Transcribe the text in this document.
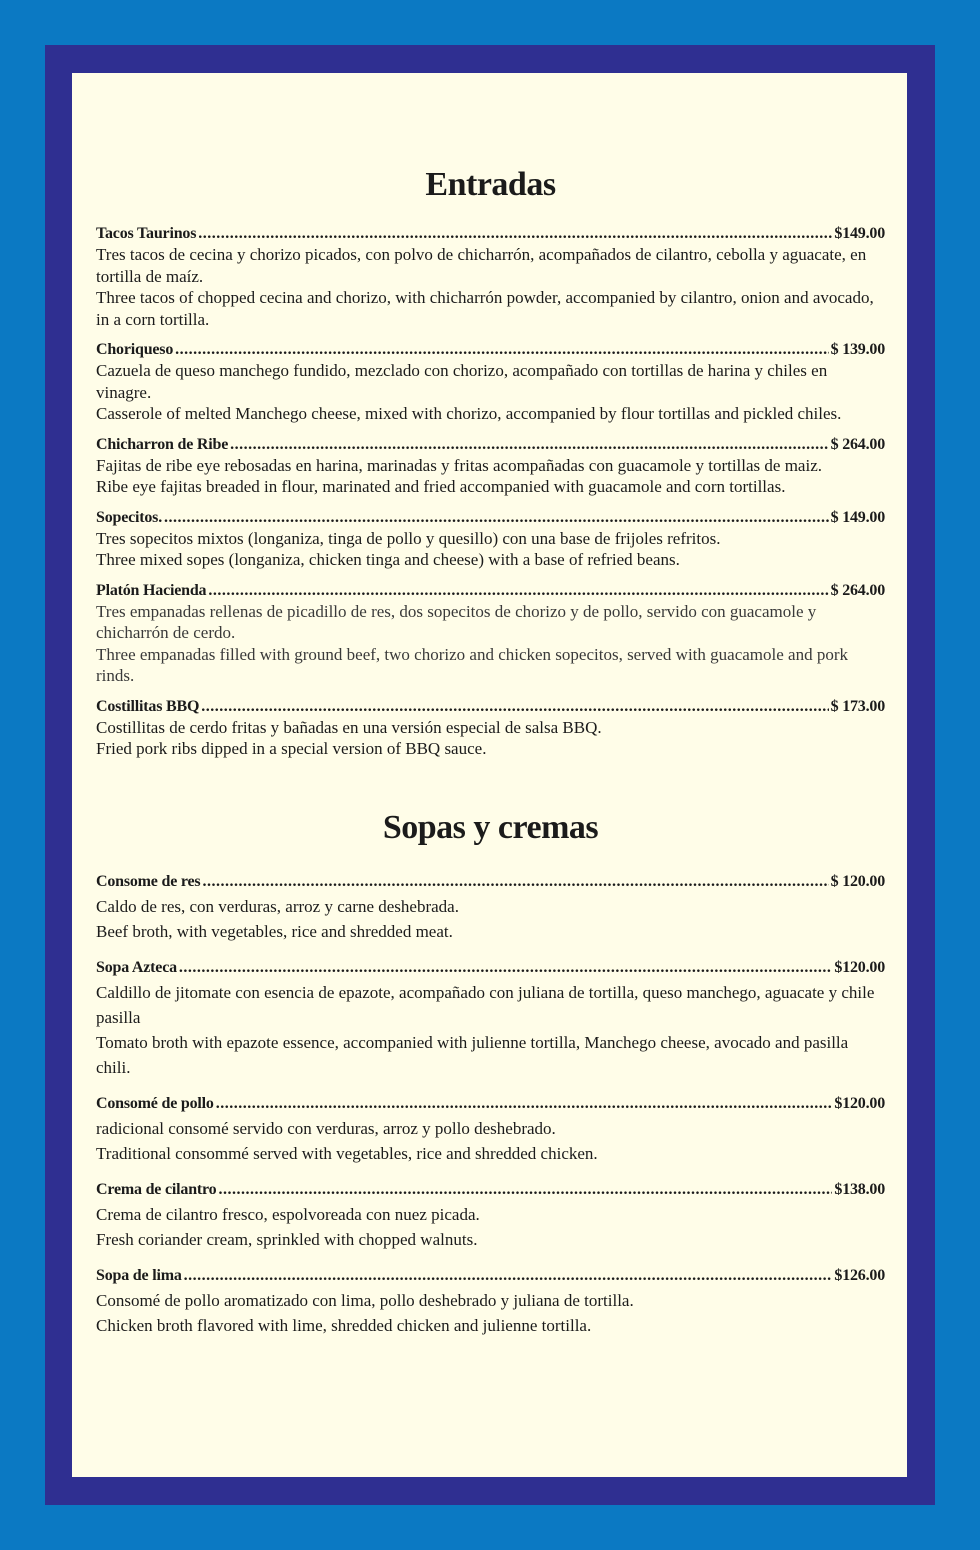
Entradas
Tacos Taurinos .....	$149.00

Tres tacos de cecina y chorizo picados, con polvo de chicharrón, acompañados de cilantro, cebolla y aguacate, en tortilla de maíz.

Three tacos of chopped cecina and chorizo, with chicharrón powder, accompanied by cilantro, onion and avocado, in a corn tortilla.

Choriqueso .....	$ 139.00

Cazuela de queso manchego fundido, mezclado con chorizo, acompañado con tortillas de harina y chiles en vinagre.

Casserole of melted Manchego cheese, mixed with chorizo, accompanied by flour tortillas and pickled chiles.

Chicharron de Ribe .....	$ 264.00

Fajitas de ribe eye rebosadas en harina, marinadas y fritas acompañadas con guacamole y tortillas de maiz.

Ribe eye fajitas breaded in flour, marinated and fried accompanied with guacamole and corn tortillas.

Sopecitos. .....	$ 149.00

Tres sopecitos mixtos (longaniza, tinga de pollo y quesillo) con una base de frijoles refritos.

Three mixed sopes (longaniza, chicken tinga and cheese) with a base of refried beans.

Platón Hacienda .....	$ 264.00

Tres empanadas rellenas de picadillo de res, dos sopecitos de chorizo y de pollo, servido con guacamole y chicharrón de cerdo.

Three empanadas filled with ground beef, two chorizo and chicken sopecitos, served with guacamole and pork rinds.

Costillitas BBQ .....	$ 173.00

Costillitas de cerdo fritas y bañadas en una versión especial de salsa BBQ.

Fried pork ribs dipped in a special version of BBQ sauce.

Sopas y cremas
Consome de res .....	$ 120.00

Caldo de res, con verduras, arroz y carne deshebrada.

Beef broth, with vegetables, rice and shredded meat.

Sopa Azteca .....	$120.00

Caldillo de jitomate con esencia de epazote, acompañado con juliana de tortilla, queso manchego, aguacate y chile pasilla

Tomato broth with epazote essence, accompanied with julienne tortilla, Manchego cheese, avocado and pasilla chili.

Consomé de pollo .....	$120.00

radicional consomé servido con verduras, arroz y pollo deshebrado.

Traditional consommé served with vegetables, rice and shredded chicken.

Crema de cilantro .....	$138.00

Crema de cilantro fresco, espolvoreada con nuez picada.

Fresh coriander cream, sprinkled with chopped walnuts.

Sopa de lima .....	$126.00

Consomé de pollo aromatizado con lima, pollo deshebrado y juliana de tortilla.

Chicken broth flavored with lime, shredded chicken and julienne tortilla.
